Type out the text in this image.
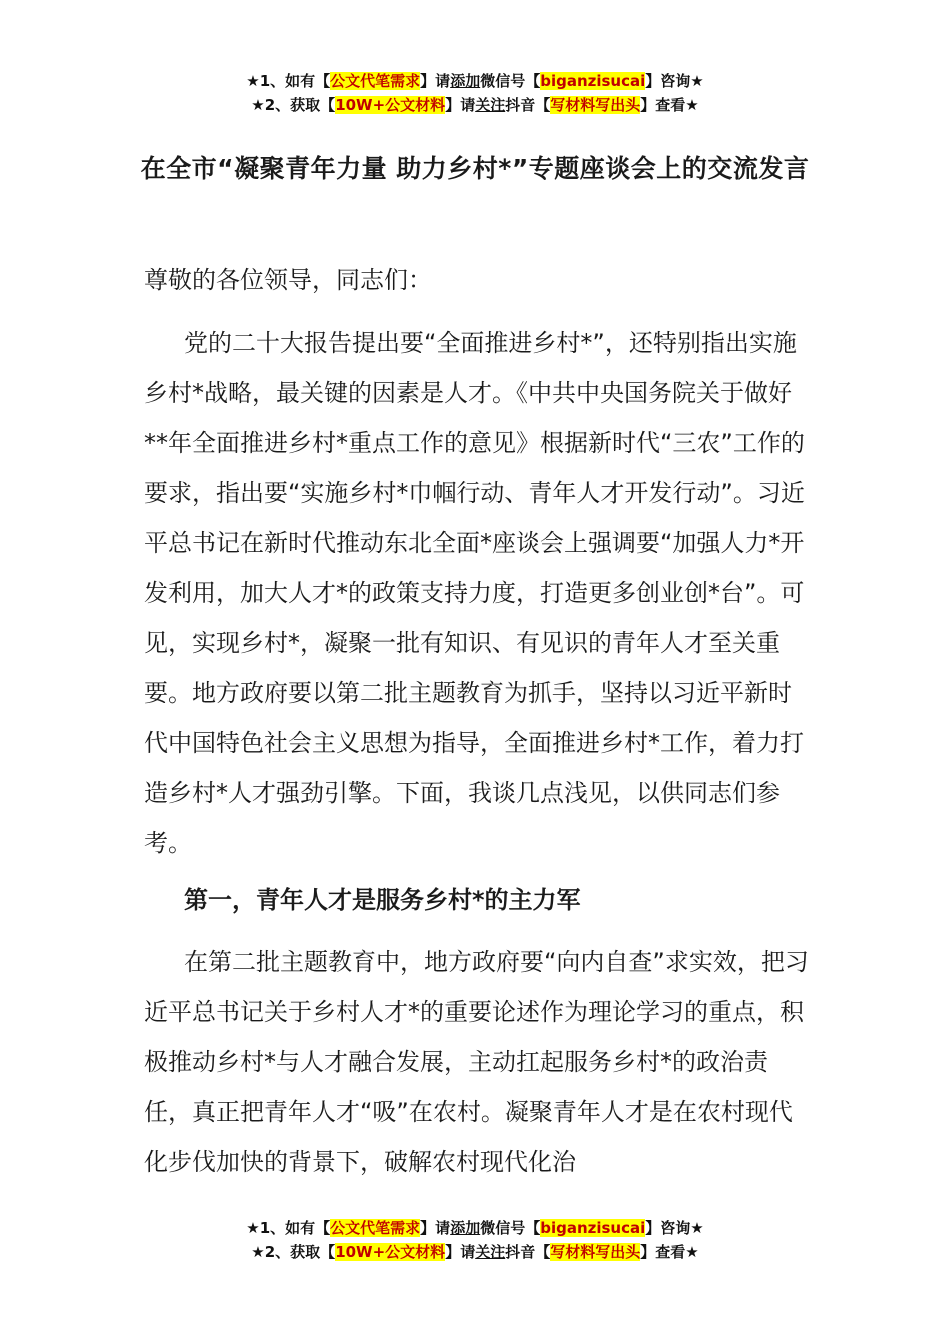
★1、如有【公文代笔需求】请添加微信号【biganzisucai】咨询★
★2、获取【10W+公文材料】请关注抖音【写材料写出头】查看★
在全市“凝聚青年力量 助力乡村*”专题座谈会上的交流发言

尊敬的各位领导，同志们：

党的二十大报告提出要“全面推进乡村*”，还特别指出实施乡村*战略，最关键的因素是人才。《中共中央国务院关于做好**年全面推进乡村*重点工作的意见》根据新时代“三农”工作的要求，指出要“实施乡村*巾帼行动、青年人才开发行动”。习近平总书记在新时代推动东北全面*座谈会上强调要“加强人力*开发利用，加大人才*的政策支持力度，打造更多创业创*台”。可见，实现乡村*，凝聚一批有知识、有见识的青年人才至关重要。地方政府要以第二批主题教育为抓手，坚持以习近平新时代中国特色社会主义思想为指导，全面推进乡村*工作，着力打造乡村*人才强劲引擎。下面，我谈几点浅见，以供同志们参考。

第一，青年人才是服务乡村*的主力军

在第二批主题教育中，地方政府要“向内自查”求实效，把习近平总书记关于乡村人才*的重要论述作为理论学习的重点，积极推动乡村*与人才融合发展，主动扛起服务乡村*的政治责任，真正把青年人才“吸”在农村。凝聚青年人才是在农村现代化步伐加快的背景下，破解农村现代化治

★1、如有【公文代笔需求】请添加微信号【biganzisucai】咨询★
★2、获取【10W+公文材料】请关注抖音【写材料写出头】查看★
